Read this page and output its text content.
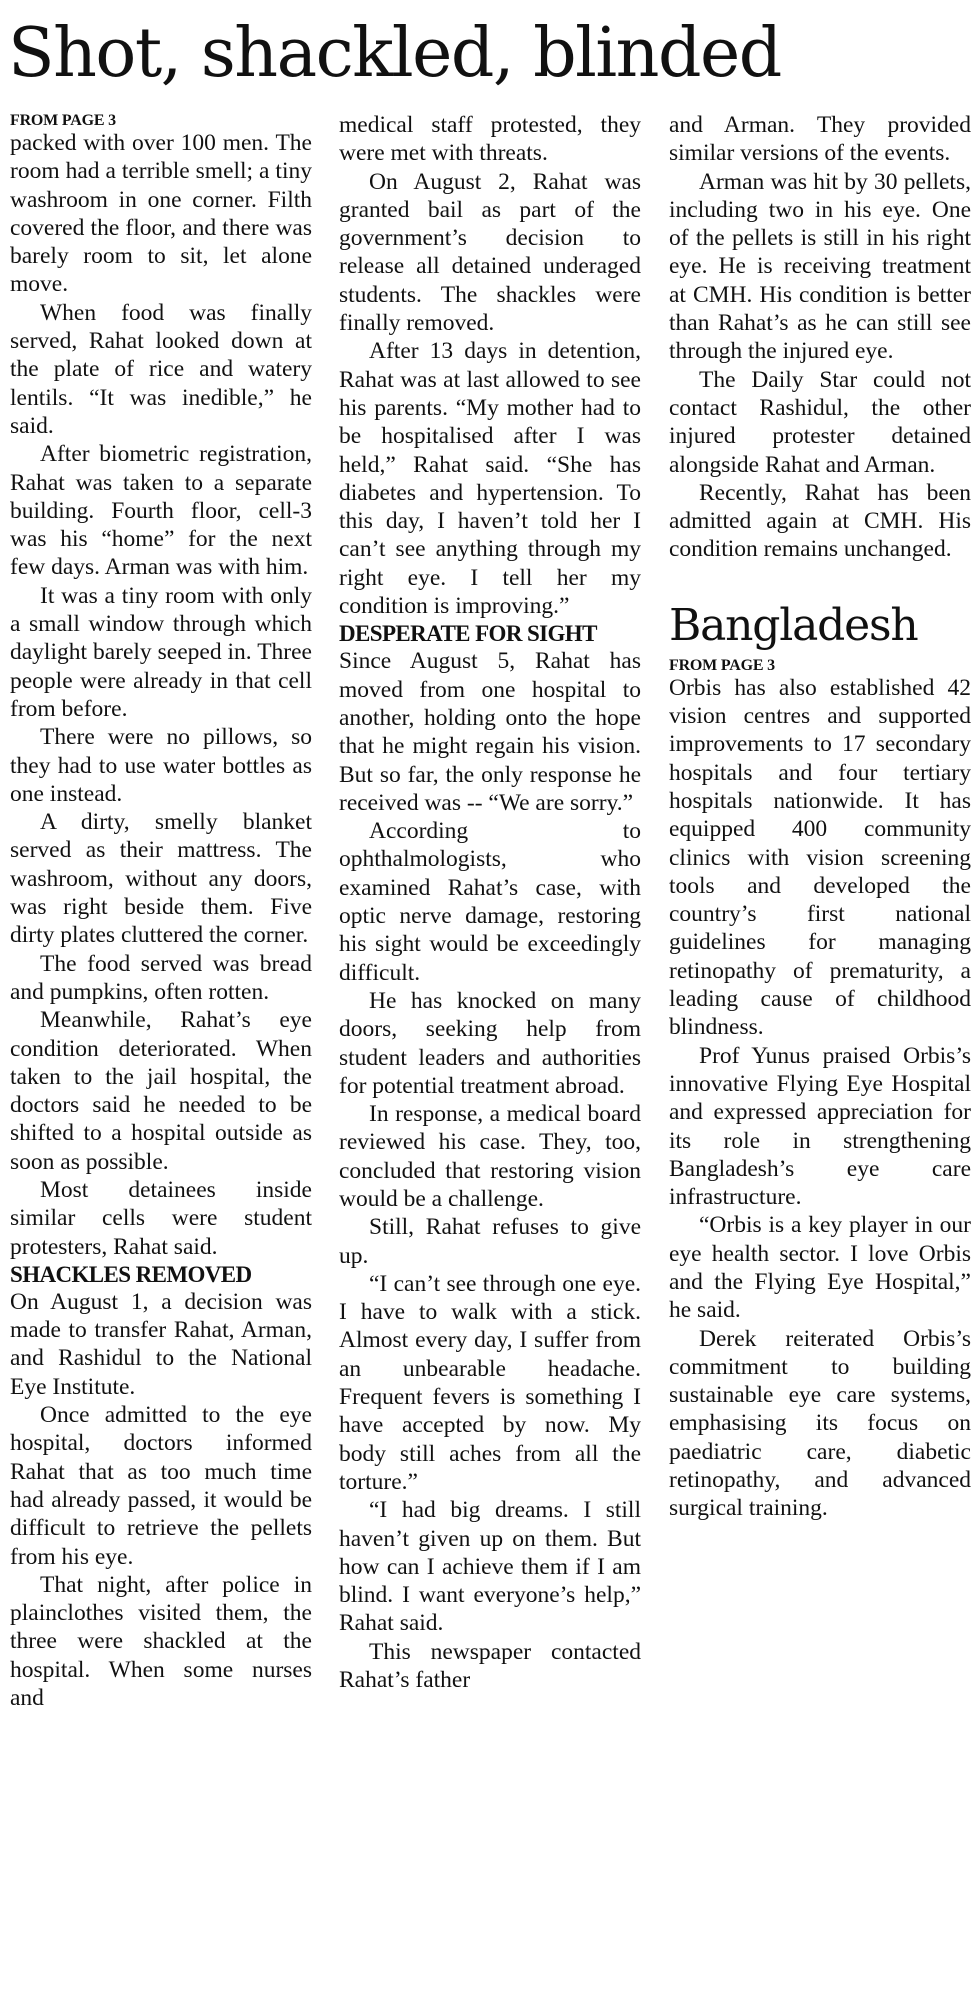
Shot, shackled, blinded
FROM PAGE 3

packed with over 100 men. The room had a terrible smell; a tiny washroom in one corner. Filth covered the floor, and there was barely room to sit, let alone move.

When food was finally served, Rahat looked down at the plate of rice and watery lentils. “It was inedible,” he said.

After biometric registration, Rahat was taken to a separate building. Fourth floor, cell-3 was his “home” for the next few days. Arman was with him.

It was a tiny room with only a small window through which daylight barely seeped in. Three people were already in that cell from before.

There were no pillows, so they had to use water bottles as one instead.

A dirty, smelly blanket served as their mattress. The washroom, without any doors, was right beside them. Five dirty plates cluttered the corner.

The food served was bread and pumpkins, often rotten.

Meanwhile, Rahat’s eye condition deteriorated. When taken to the jail hospital, the doctors said he needed to be shifted to a hospital outside as soon as possible.

Most detainees inside similar cells were student protesters, Rahat said.

SHACKLES REMOVED

On August 1, a decision was made to transfer Rahat, Arman, and Rashidul to the National Eye Institute.

Once admitted to the eye hospital, doctors informed Rahat that as too much time had already passed, it would be difficult to retrieve the pellets from his eye.

That night, after police in plainclothes visited them, the three were shackled at the hospital. When some nurses and

medical staff protested, they were met with threats.

On August 2, Rahat was granted bail as part of the government’s decision to release all detained underaged students. The shackles were finally removed.

After 13 days in detention, Rahat was at last allowed to see his parents. “My mother had to be hospitalised after I was held,” Rahat said. “She has diabetes and hypertension. To this day, I haven’t told her I can’t see anything through my right eye. I tell her my condition is improving.”

DESPERATE FOR SIGHT

Since August 5, Rahat has moved from one hospital to another, holding onto the hope that he might regain his vision. But so far, the only response he received was -- “We are sorry.”

According to ophthalmologists, who examined Rahat’s case, with optic nerve damage, restoring his sight would be exceedingly difficult.

He has knocked on many doors, seeking help from student leaders and authorities for potential treatment abroad.

In response, a medical board reviewed his case. They, too, concluded that restoring vision would be a challenge.

Still, Rahat refuses to give up.

“I can’t see through one eye. I have to walk with a stick. Almost every day, I suffer from an unbearable headache. Frequent fevers is something I have accepted by now. My body still aches from all the torture.”

“I had big dreams. I still haven’t given up on them. But how can I achieve them if I am blind. I want everyone’s help,” Rahat said.

This newspaper contacted Rahat’s father

and Arman. They provided similar versions of the events.

Arman was hit by 30 pellets, including two in his eye. One of the pellets is still in his right eye. He is receiving treatment at CMH. His condition is better than Rahat’s as he can still see through the injured eye.

The Daily Star could not contact Rashidul, the other injured protester detained alongside Rahat and Arman.

Recently, Rahat has been admitted again at CMH. His condition remains unchanged.

Bangladesh
FROM PAGE 3

Orbis has also established 42 vision centres and supported improvements to 17 secondary hospitals and four tertiary hospitals nationwide. It has equipped 400 community clinics with vision screening tools and developed the country’s first national guidelines for managing retinopathy of prematurity, a leading cause of childhood blindness.

Prof Yunus praised Orbis’s innovative Flying Eye Hospital and expressed appreciation for its role in strengthening Bangladesh’s eye care infrastructure.

“Orbis is a key player in our eye health sector. I love Orbis and the Flying Eye Hospital,” he said.

Derek reiterated Orbis’s commitment to building sustainable eye care systems, emphasising its focus on paediatric care, diabetic retinopathy, and advanced surgical training.
